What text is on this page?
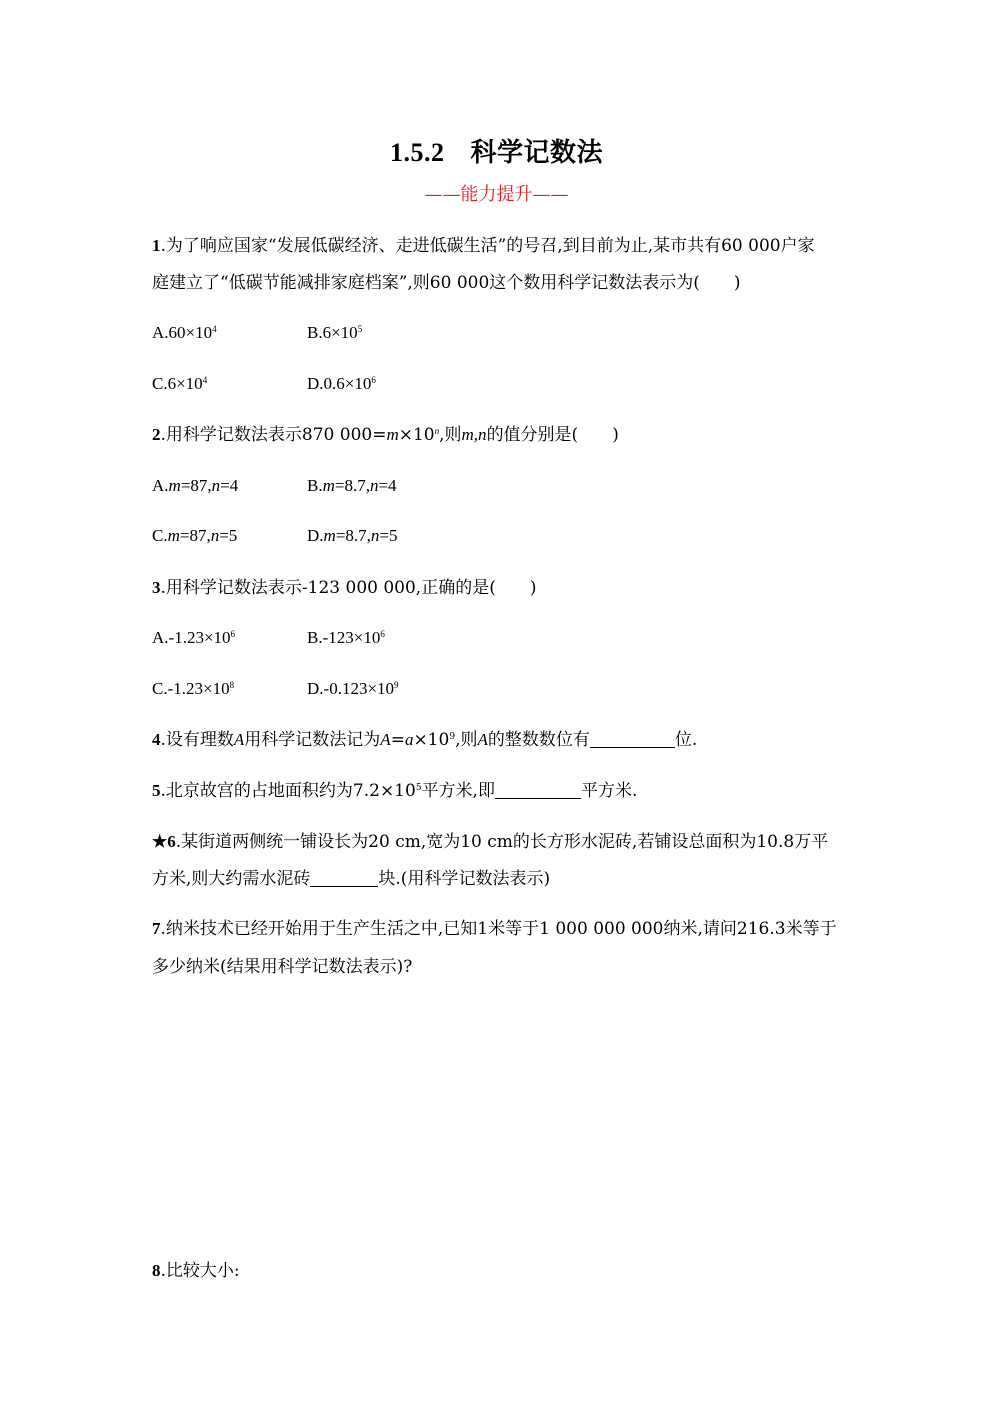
1.5.2 科学记数法
——能力提升——
1.为了响应国家“发展低碳经济、走进低碳生活”的号召,到目前为止,某市共有60 000户家
庭建立了“低碳节能减排家庭档案”,则60 000这个数用科学记数法表示为(　　)
$A.60\times 10^4$	$B.6\times 10^5$
$C.6\times 10^4$	$D.0.6\times 10^6$
2.用科学记数法表示870 $000=m\times 10^n$,则m,n的值分别是(　　)
A.m=87,n=4	B.m=8.7,n=4
C.m=87,n=5	D.m=8.7,n=5
3.用科学记数法表示-123 000 000,正确的是(　　)
$A.-1.23\times 10^6$	$B.-123\times 10^6$
$C.-1.23\times 10^8$	$D.-0.123\times 10^9$
4.设有理数A用科学记数法记为$A=a\times 10^9$,则A的整数数位有	位.
5.北京故宫的占地面积约为$7.2\times 10^5$平方米,即	平方米.
★6.某街道两侧统一铺设长为20 cm,宽为10 cm的长方形水泥砖,若铺设总面积为10.8万平
方米,则大约需水泥砖	块.(用科学记数法表示)
7.纳米技术已经开始用于生产生活之中,已知1米等于1 000 000 000纳米,请问216.3米等于
多少纳米(结果用科学记数法表示)?
8.比较大小:
